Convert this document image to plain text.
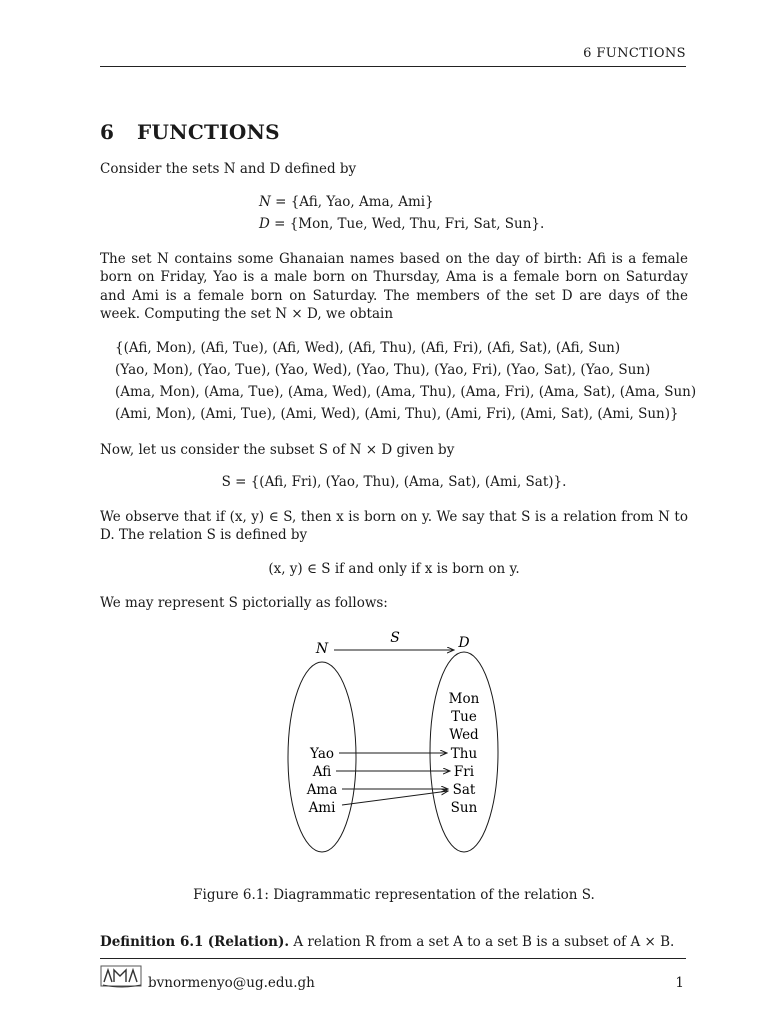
6 FUNCTIONS
6 FUNCTIONS
Consider the sets N and D defined by
N = {Afi, Yao, Ama, Ami}
D = {Mon, Tue, Wed, Thu, Fri, Sat, Sun}.
The set N contains some Ghanaian names based on the day of birth: Afi is a female born on Friday, Yao is a male born on Thursday, Ama is a female born on Saturday and Ami is a female born on Saturday. The members of the set D are days of the week. Computing the set N × D, we obtain
{(Afi, Mon), (Afi, Tue), (Afi, Wed), (Afi, Thu), (Afi, Fri), (Afi, Sat), (Afi, Sun)
(Yao, Mon), (Yao, Tue), (Yao, Wed), (Yao, Thu), (Yao, Fri), (Yao, Sat), (Yao, Sun)
(Ama, Mon), (Ama, Tue), (Ama, Wed), (Ama, Thu), (Ama, Fri), (Ama, Sat), (Ama, Sun)
(Ami, Mon), (Ami, Tue), (Ami, Wed), (Ami, Thu), (Ami, Fri), (Ami, Sat), (Ami, Sun)}
Now, let us consider the subset S of N × D given by
S = {(Afi, Fri), (Yao, Thu), (Ama, Sat), (Ami, Sat)}.
We observe that if (x, y) ∈ S, then x is born on y. We say that S is a relation from N to D. The relation S is defined by
(x, y) ∈ S if and only if x is born on y.
We may represent S pictorially as follows:
N
S	D
Yao
Afi
Ama
Ami
Mon
Tue
Wed
Thu
Fri
Sat
Sun
Figure 6.1: Diagrammatic representation of the relation S.
Definition 6.1 (Relation). A relation R from a set A to a set B is a subset of A × B.
bvnormenyo@ug.edu.gh	1
